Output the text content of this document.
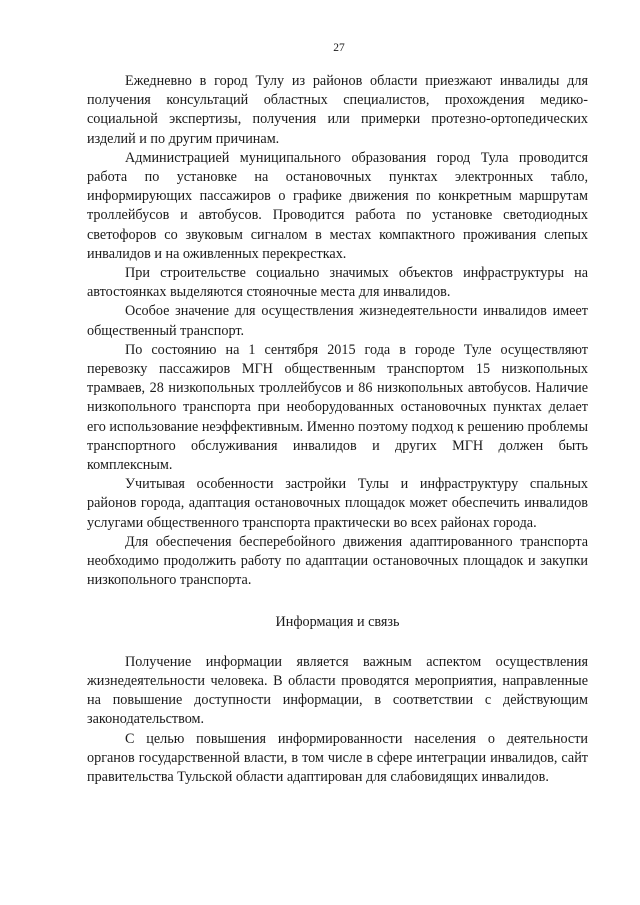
27

Ежедневно в город Тулу из районов области приезжают инвалиды для получения консультаций областных специалистов, прохождения медико-социальной экспертизы, получения или примерки протезно-ортопедических изделий и по другим причинам.

Администрацией муниципального образования город Тула проводится работа по установке на остановочных пунктах электронных табло, информирующих пассажиров о графике движения по конкретным маршрутам троллейбусов и автобусов. Проводится работа по установке светодиодных светофоров со звуковым сигналом в местах компактного проживания слепых инвалидов и на оживленных перекрестках.

При строительстве социально значимых объектов инфраструктуры на автостоянках выделяются стояночные места для инвалидов.

Особое значение для осуществления жизнедеятельности инвалидов имеет общественный транспорт.

По состоянию на 1 сентября 2015 года в городе Туле осуществляют перевозку пассажиров МГН общественным транспортом 15 низкопольных трамваев, 28 низкопольных троллейбусов и 86 низкопольных автобусов. Наличие низкопольного транспорта при необорудованных остановочных пунктах делает его использование неэффективным. Именно поэтому подход к решению проблемы транспортного обслуживания инвалидов и других МГН должен быть комплексным.

Учитывая особенности застройки Тулы и инфраструктуру спальных районов города, адаптация остановочных площадок может обеспечить инвалидов услугами общественного транспорта практически во всех районах города.

Для обеспечения бесперебойного движения адаптированного транспорта необходимо продолжить работу по адаптации остановочных площадок и закупки низкопольного транспорта.

Информация и связь

Получение информации является важным аспектом осуществления жизнедеятельности человека. В области проводятся мероприятия, направленные на повышение доступности информации, в соответствии с действующим законодательством.

С целью повышения информированности населения о деятельности органов государственной власти, в том числе в сфере интеграции инвалидов, сайт правительства Тульской области адаптирован для слабовидящих инвалидов.
